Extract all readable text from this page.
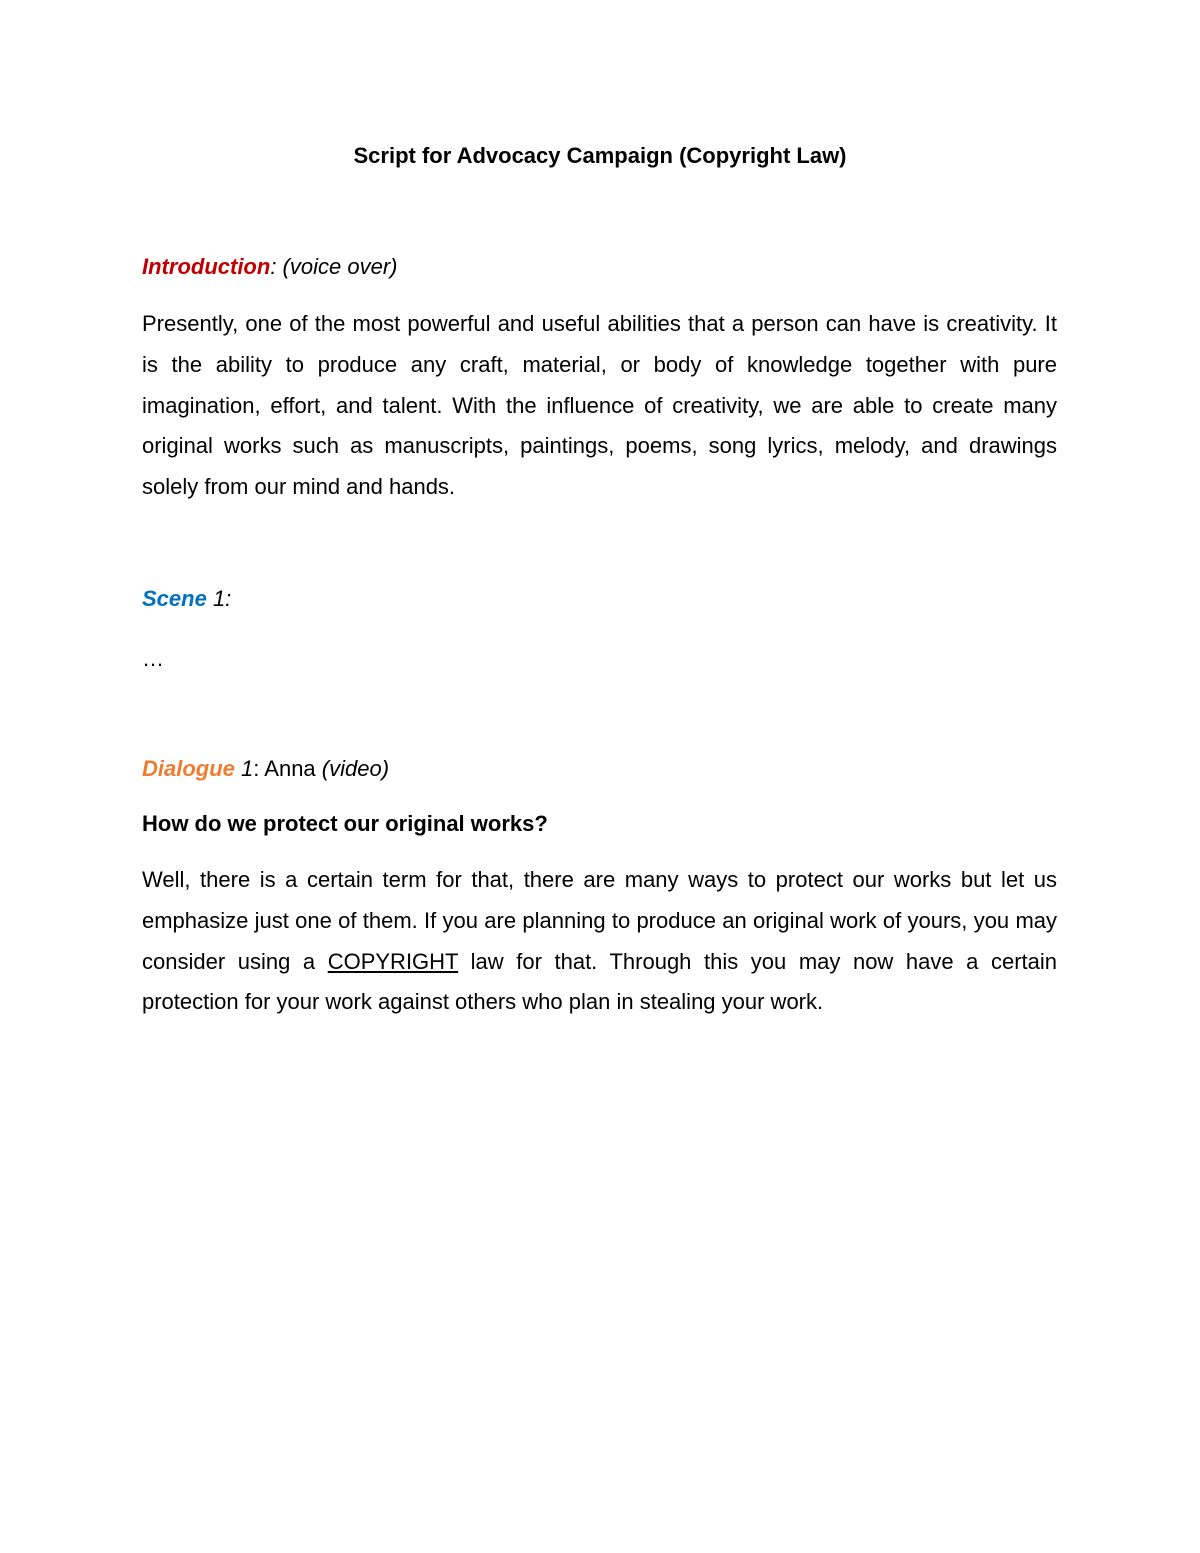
Script for Advocacy Campaign (Copyright Law)
Introduction: (voice over)
Presently, one of the most powerful and useful abilities that a person can have is creativity. It is the ability to produce any craft, material, or body of knowledge together with pure imagination, effort, and talent. With the influence of creativity, we are able to create many original works such as manuscripts, paintings, poems, song lyrics, melody, and drawings solely from our mind and hands.
Scene 1:
…
Dialogue 1: Anna (video)
How do we protect our original works?
Well, there is a certain term for that, there are many ways to protect our works but let us emphasize just one of them. If you are planning to produce an original work of yours, you may consider using a COPYRIGHT law for that. Through this you may now have a certain protection for your work against others who plan in stealing your work.
